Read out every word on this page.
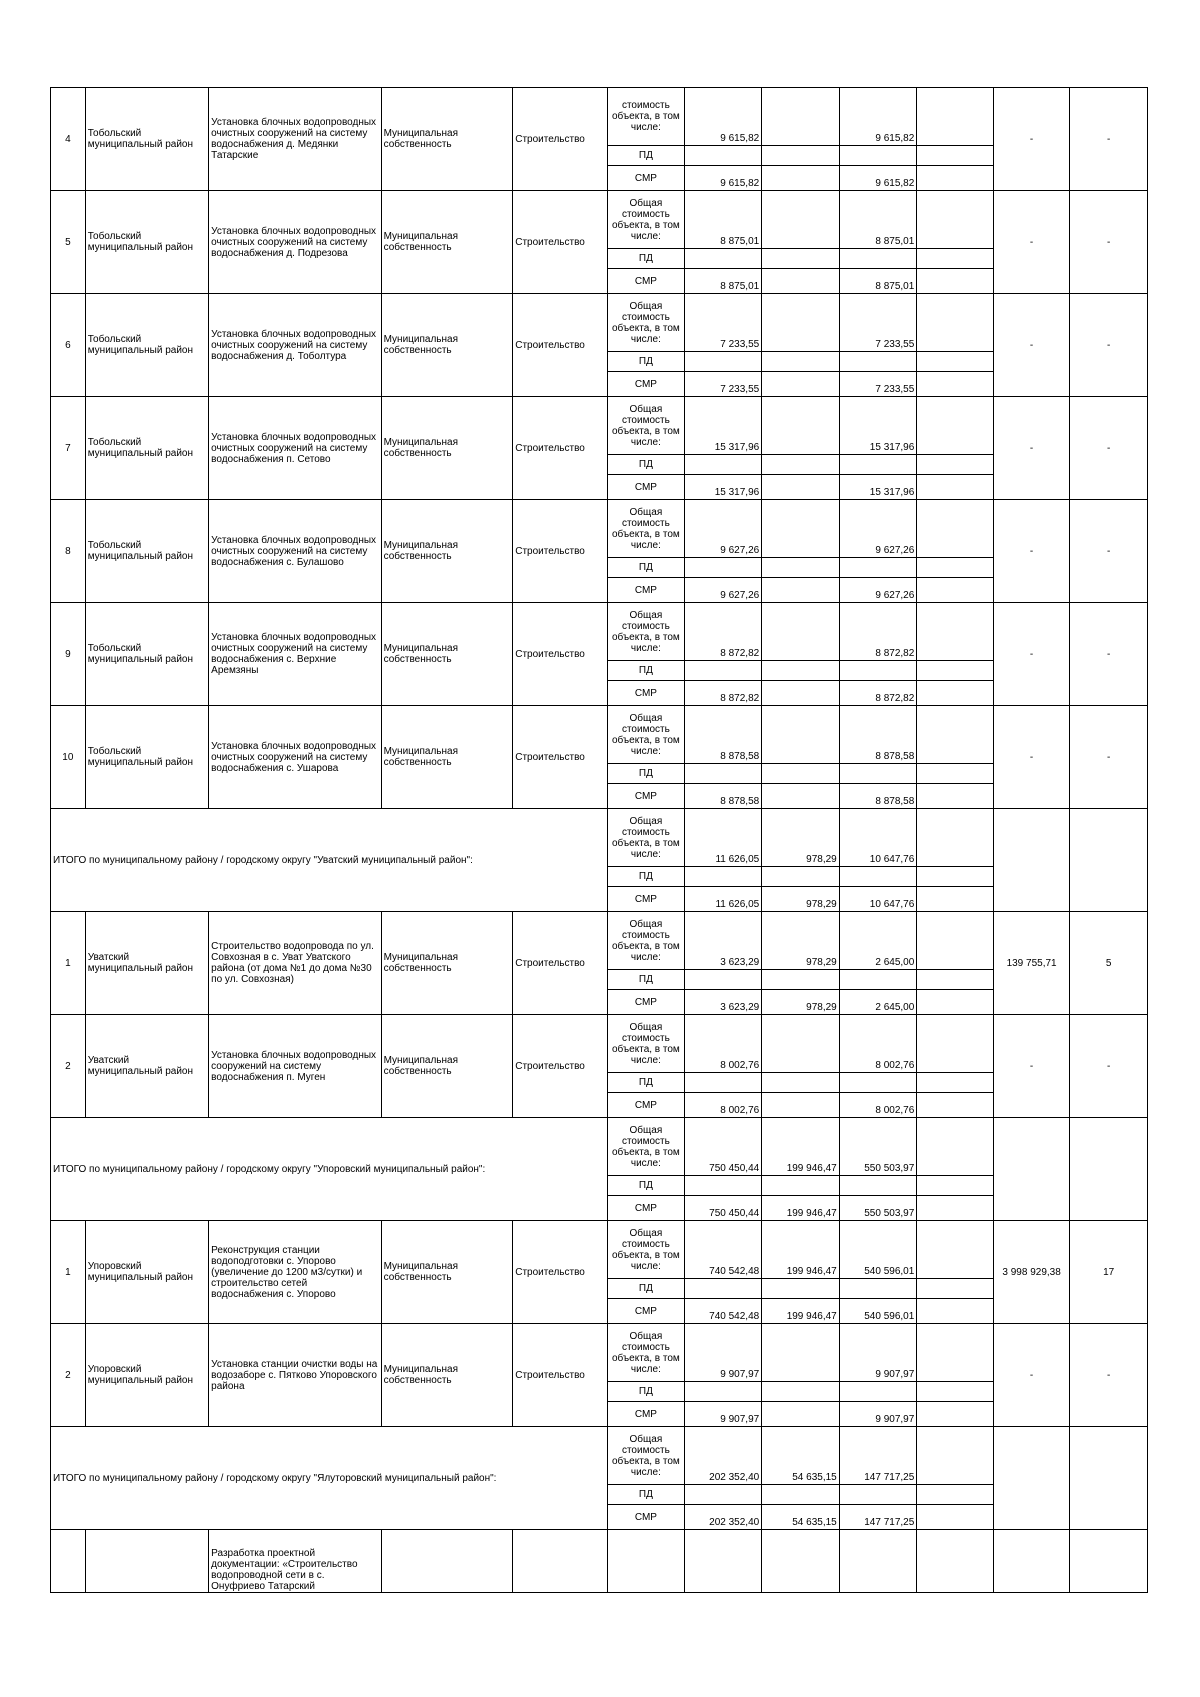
4	Тобольский муниципальный район	Установка блочных водопроводных очистных сооружений на систему водоснабжения д. Медянки Татарские	Муниципальная собственность	Строительство	стоимость объекта, в том числе:	9 615,82		9 615,82		-	-
					ПД						
					СМР	9 615,82		9 615,82			
5	Тобольский муниципальный район	Установка блочных водопроводных очистных сооружений на систему водоснабжения д. Подрезова	Муниципальная собственность	Строительство	Общая стоимость объекта, в том числе:	8 875,01		8 875,01		-	-
					ПД						
					СМР	8 875,01		8 875,01			
6	Тобольский муниципальный район	Установка блочных водопроводных очистных сооружений на систему водоснабжения д. Тоболтура	Муниципальная собственность	Строительство	Общая стоимость объекта, в том числе:	7 233,55		7 233,55		-	-
					ПД						
					СМР	7 233,55		7 233,55			
7	Тобольский муниципальный район	Установка блочных водопроводных очистных сооружений на систему водоснабжения п. Сетово	Муниципальная собственность	Строительство	Общая стоимость объекта, в том числе:	15 317,96		15 317,96		-	-
					ПД						
					СМР	15 317,96		15 317,96			
8	Тобольский муниципальный район	Установка блочных водопроводных очистных сооружений на систему водоснабжения с. Булашово	Муниципальная собственность	Строительство	Общая стоимость объекта, в том числе:	9 627,26		9 627,26		-	-
					ПД						
					СМР	9 627,26		9 627,26			
9	Тобольский муниципальный район	Установка блочных водопроводных очистных сооружений на систему водоснабжения с. Верхние Аремзяны	Муниципальная собственность	Строительство	Общая стоимость объекта, в том числе:	8 872,82		8 872,82		-	-
					ПД						
					СМР	8 872,82		8 872,82			
10	Тобольский муниципальный район	Установка блочных водопроводных очистных сооружений на систему водоснабжения с. Ушарова	Муниципальная собственность	Строительство	Общая стоимость объекта, в том числе:	8 878,58		8 878,58		-	-
					ПД						
					СМР	8 878,58		8 878,58			
ИТОГО по муниципальному району / городскому округу "Уватский муниципальный район":					Общая стоимость объекта, в том числе:	11 626,05	978,29	10 647,76			
					ПД						
					СМР	11 626,05	978,29	10 647,76			
1	Уватский муниципальный район	Строительство водопровода по ул. Совхозная в с. Уват Уватского района (от дома №1 до дома №30 по ул. Совхозная)	Муниципальная собственность	Строительство	Общая стоимость объекта, в том числе:	3 623,29	978,29	2 645,00		139 755,71	5
					ПД						
					СМР	3 623,29	978,29	2 645,00			
2	Уватский муниципальный район	Установка блочных водопроводных сооружений на систему водоснабжения п. Муген	Муниципальная собственность	Строительство	Общая стоимость объекта, в том числе:	8 002,76		8 002,76		-	-
					ПД						
					СМР	8 002,76		8 002,76			
ИТОГО по муниципальному району / городскому округу "Упоровский муниципальный район":					Общая стоимость объекта, в том числе:	750 450,44	199 946,47	550 503,97			
					ПД						
					СМР	750 450,44	199 946,47	550 503,97			
1	Упоровский муниципальный район	Реконструкция станции водоподготовки с. Упорово (увеличение до 1200 м3/сутки) и строительство сетей водоснабжения с. Упорово	Муниципальная собственность	Строительство	Общая стоимость объекта, в том числе:	740 542,48	199 946,47	540 596,01		3 998 929,38	17
					ПД						
					СМР	740 542,48	199 946,47	540 596,01			
2	Упоровский муниципальный район	Установка станции очистки воды на водозаборе с. Пятково Упоровского района	Муниципальная собственность	Строительство	Общая стоимость объекта, в том числе:	9 907,97		9 907,97		-	-
					ПД						
					СМР	9 907,97		9 907,97			
ИТОГО по муниципальному району / городскому округу "Ялуторовский муниципальный район":					Общая стоимость объекта, в том числе:	202 352,40	54 635,15	147 717,25			
					ПД						
					СМР	202 352,40	54 635,15	147 717,25			
		Разработка проектной документации: «Строительство водопроводной сети в с. Онуфриево Татарский									
